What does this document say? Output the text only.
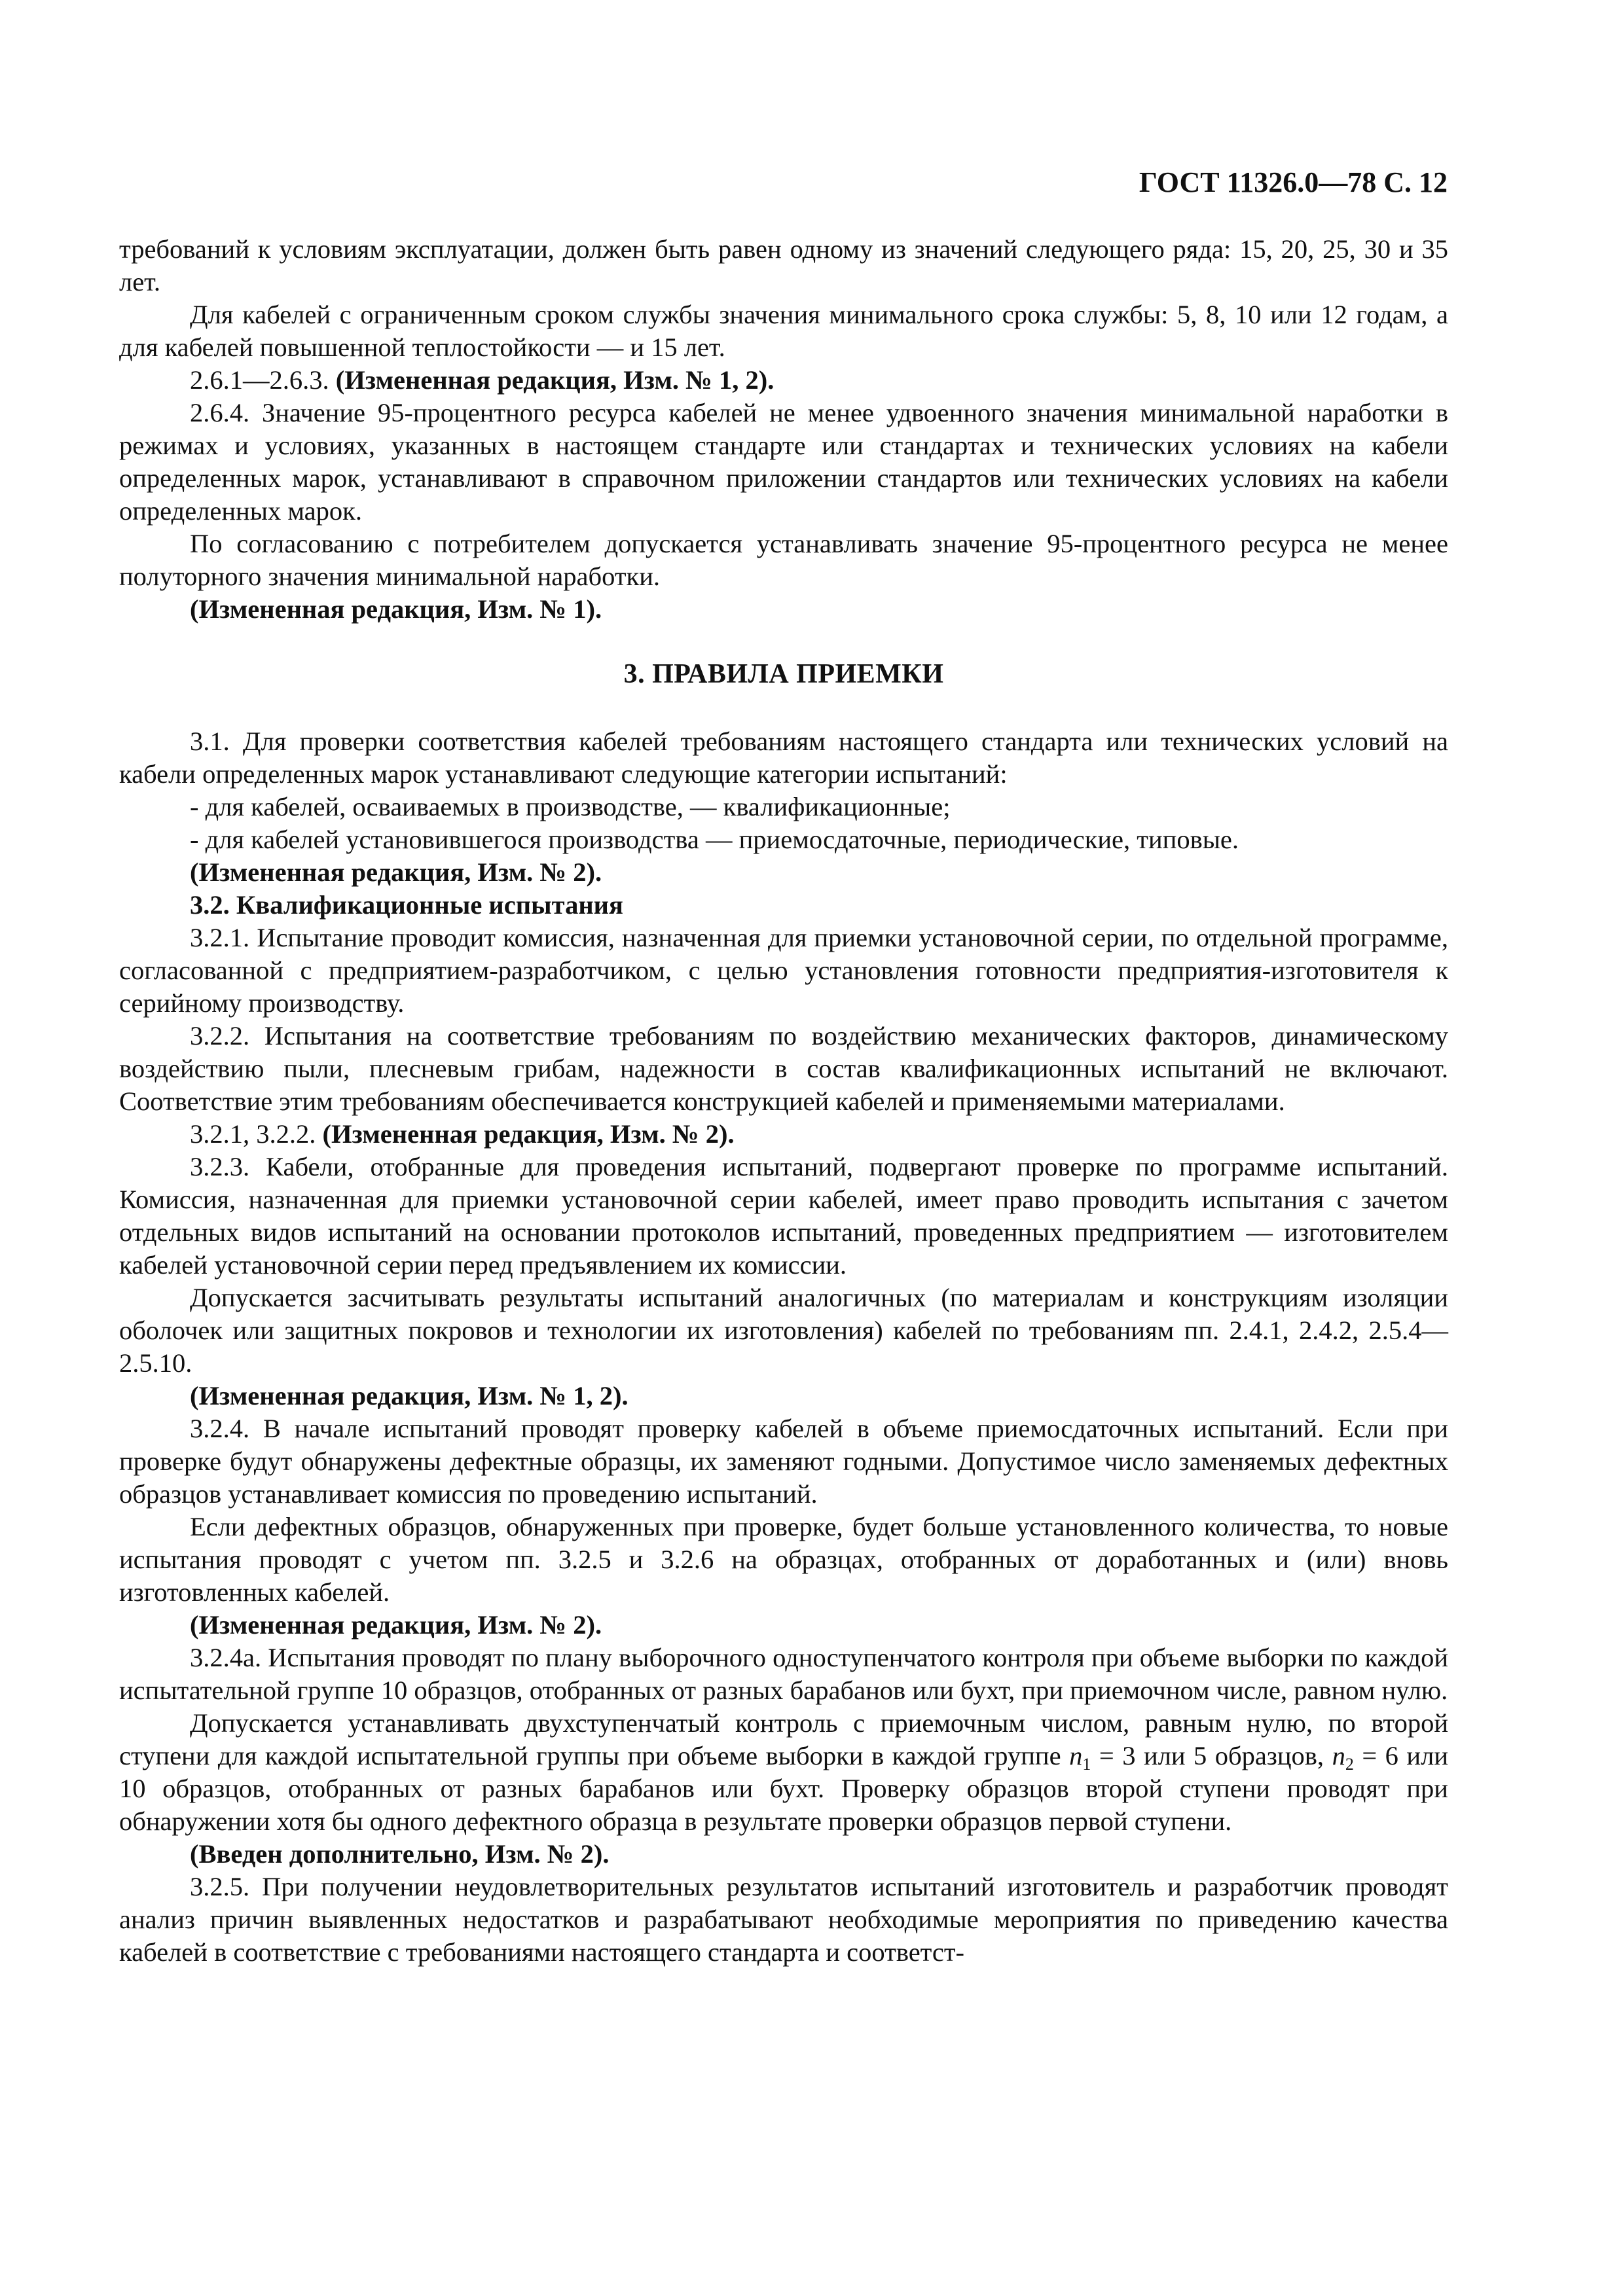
ГОСТ 11326.0—78 С. 12

требований к условиям эксплуатации, должен быть равен одному из значений следующего ряда: 15, 20, 25, 30 и 35 лет.

Для кабелей с ограниченным сроком службы значения минимального срока службы: 5, 8, 10 или 12 годам, а для кабелей повышенной теплостойкости — и 15 лет.

2.6.1—2.6.3. (Измененная редакция, Изм. № 1, 2).

2.6.4. Значение 95-процентного ресурса кабелей не менее удвоенного значения минимальной наработки в режимах и условиях, указанных в настоящем стандарте или стандартах и технических условиях на кабели определенных марок, устанавливают в справочном приложении стандартов или технических условиях на кабели определенных марок.

По согласованию с потребителем допускается устанавливать значение 95-процентного ресурса не менее полуторного значения минимальной наработки.

(Измененная редакция, Изм. № 1).

3. ПРАВИЛА ПРИЕМКИ

3.1. Для проверки соответствия кабелей требованиям настоящего стандарта или технических условий на кабели определенных марок устанавливают следующие категории испытаний:

- для кабелей, осваиваемых в производстве, — квалификационные;

- для кабелей установившегося производства — приемосдаточные, периодические, типовые.

(Измененная редакция, Изм. № 2).

3.2. Квалификационные испытания

3.2.1. Испытание проводит комиссия, назначенная для приемки установочной серии, по отдельной программе, согласованной с предприятием-разработчиком, с целью установления готовности предприятия-изготовителя к серийному производству.

3.2.2. Испытания на соответствие требованиям по воздействию механических факторов, динамическому воздействию пыли, плесневым грибам, надежности в состав квалификационных испытаний не включают. Соответствие этим требованиям обеспечивается конструкцией кабелей и применяемыми материалами.

3.2.1, 3.2.2. (Измененная редакция, Изм. № 2).

3.2.3. Кабели, отобранные для проведения испытаний, подвергают проверке по программе испытаний. Комиссия, назначенная для приемки установочной серии кабелей, имеет право проводить испытания с зачетом отдельных видов испытаний на основании протоколов испытаний, проведенных предприятием — изготовителем кабелей установочной серии перед предъявлением их комиссии.

Допускается засчитывать результаты испытаний аналогичных (по материалам и конструкциям изоляции оболочек или защитных покровов и технологии их изготовления) кабелей по требованиям пп. 2.4.1, 2.4.2, 2.5.4—2.5.10.

(Измененная редакция, Изм. № 1, 2).

3.2.4. В начале испытаний проводят проверку кабелей в объеме приемосдаточных испытаний. Если при проверке будут обнаружены дефектные образцы, их заменяют годными. Допустимое число заменяемых дефектных образцов устанавливает комиссия по проведению испытаний.

Если дефектных образцов, обнаруженных при проверке, будет больше установленного количества, то новые испытания проводят с учетом пп. 3.2.5 и 3.2.6 на образцах, отобранных от доработанных и (или) вновь изготовленных кабелей.

(Измененная редакция, Изм. № 2).

3.2.4а. Испытания проводят по плану выборочного одноступенчатого контроля при объеме выборки по каждой испытательной группе 10 образцов, отобранных от разных барабанов или бухт, при приемочном числе, равном нулю.

Допускается устанавливать двухступенчатый контроль с приемочным числом, равным нулю, по второй ступени для каждой испытательной группы при объеме выборки в каждой группе $n_1 = 3$ или 5 образцов, $n_2 = 6$ или 10 образцов, отобранных от разных барабанов или бухт. Проверку образцов второй ступени проводят при обнаружении хотя бы одного дефектного образца в результате проверки образцов первой ступени.

(Введен дополнительно, Изм. № 2).

3.2.5. При получении неудовлетворительных результатов испытаний изготовитель и разработчик проводят анализ причин выявленных недостатков и разрабатывают необходимые мероприятия по приведению качества кабелей в соответствие с требованиями настоящего стандарта и соответст-
